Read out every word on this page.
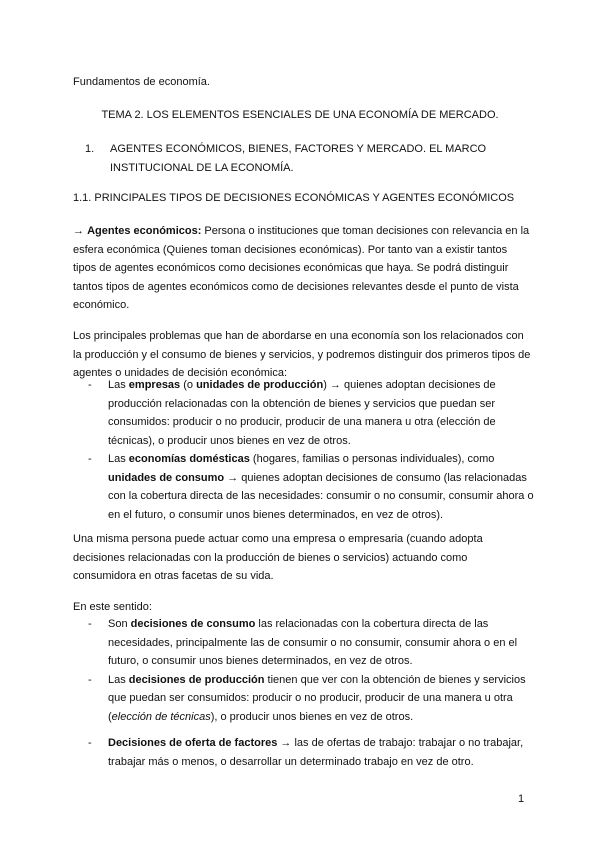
Fundamentos de economía.
TEMA 2. LOS ELEMENTOS ESENCIALES DE UNA ECONOMÍA DE MERCADO.
1. AGENTES ECONÓMICOS, BIENES, FACTORES Y MERCADO. EL MARCO INSTITUCIONAL DE LA ECONOMÍA.
1.1. PRINCIPALES TIPOS DE DECISIONES ECONÓMICAS Y AGENTES ECONÓMICOS
→ Agentes económicos: Persona o instituciones que toman decisiones con relevancia en la esfera económica (Quienes toman decisiones económicas). Por tanto van a existir tantos tipos de agentes económicos como decisiones económicas que haya. Se podrá distinguir tantos tipos de agentes económicos como de decisiones relevantes desde el punto de vista económico.
Los principales problemas que han de abordarse en una economía son los relacionados con la producción y el consumo de bienes y servicios, y podremos distinguir dos primeros tipos de agentes o unidades de decisión económica:
- Las empresas (o unidades de producción) → quienes adoptan decisiones de producción relacionadas con la obtención de bienes y servicios que puedan ser consumidos: producir o no producir, producir de una manera u otra (elección de técnicas), o producir unos bienes en vez de otros.
- Las economías domésticas (hogares, familias o personas individuales), como unidades de consumo → quienes adoptan decisiones de consumo (las relacionadas con la cobertura directa de las necesidades: consumir o no consumir, consumir ahora o en el futuro, o consumir unos bienes determinados, en vez de otros).
Una misma persona puede actuar como una empresa o empresaria (cuando adopta decisiones relacionadas con la producción de bienes o servicios) actuando como consumidora en otras facetas de su vida.
En este sentido:
- Son decisiones de consumo las relacionadas con la cobertura directa de las necesidades, principalmente las de consumir o no consumir, consumir ahora o en el futuro, o consumir unos bienes determinados, en vez de otros.
- Las decisiones de producción tienen que ver con la obtención de bienes y servicios que puedan ser consumidos: producir o no producir, producir de una manera u otra (elección de técnicas), o producir unos bienes en vez de otros.
- Decisiones de oferta de factores → las de ofertas de trabajo: trabajar o no trabajar, trabajar más o menos, o desarrollar un determinado trabajo en vez de otro.
1
